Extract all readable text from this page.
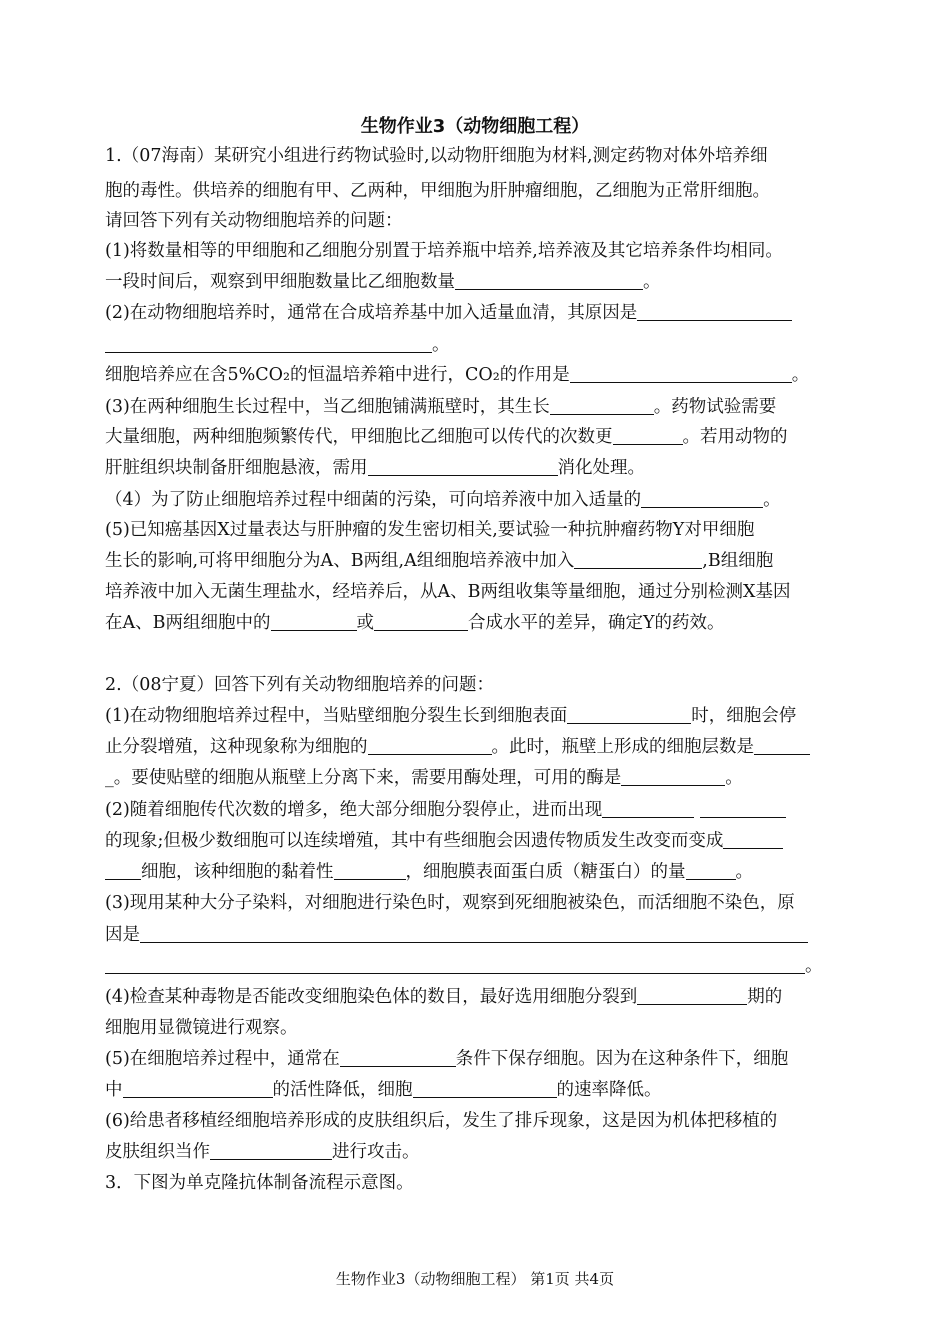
生物作业3（动物细胞工程）
1.（07海南）某研究小组进行药物试验时,以动物肝细胞为材料,测定药物对体外培养细
胞的毒性。供培养的细胞有甲、乙两种，甲细胞为肝肿瘤细胞，乙细胞为正常肝细胞。
请回答下列有关动物细胞培养的问题：
(1)将数量相等的甲细胞和乙细胞分别置于培养瓶中培养,培养液及其它培养条件均相同。
一段时间后，观察到甲细胞数量比乙细胞数量	。
(2)在动物细胞培养时，通常在合成培养基中加入适量血清，其原因是
。
细胞培养应在含5%CO₂的恒温培养箱中进行，CO₂的作用是	。
(3)在两种细胞生长过程中，当乙细胞铺满瓶壁时，其生长	。药物试验需要
大量细胞，两种细胞频繁传代，甲细胞比乙细胞可以传代的次数更	。若用动物的
肝脏组织块制备肝细胞悬液，需用	消化处理。
（4）为了防止细胞培养过程中细菌的污染，可向培养液中加入适量的	。
(5)已知癌基因X过量表达与肝肿瘤的发生密切相关,要试验一种抗肿瘤药物Y对甲细胞
生长的影响,可将甲细胞分为A、B两组,A组细胞培养液中加入	,B组细胞
培养液中加入无菌生理盐水，经培养后，从A、B两组收集等量细胞，通过分别检测X基因
在A、B两组细胞中的	或	合成水平的差异，确定Y的药效。
2.（08宁夏）回答下列有关动物细胞培养的问题：
(1)在动物细胞培养过程中，当贴壁细胞分裂生长到细胞表面	时，细胞会停
止分裂增殖，这种现象称为细胞的	。此时，瓶壁上形成的细胞层数是
_。要使贴壁的细胞从瓶壁上分离下来，需要用酶处理，可用的酶是	。
(2)随着细胞传代次数的增多，绝大部分细胞分裂停止，进而出现
的现象;但极少数细胞可以连续增殖，其中有些细胞会因遗传物质发生改变而变成
细胞，该种细胞的黏着性	，细胞膜表面蛋白质（糖蛋白）的量	。
(3)现用某种大分子染料，对细胞进行染色时，观察到死细胞被染色，而活细胞不染色，原
因是
。
(4)检查某种毒物是否能改变细胞染色体的数目，最好选用细胞分裂到	期的
细胞用显微镜进行观察。
(5)在细胞培养过程中，通常在	条件下保存细胞。因为在这种条件下，细胞
中	的活性降低，细胞	的速率降低。
(6)给患者移植经细胞培养形成的皮肤组织后，发生了排斥现象，这是因为机体把移植的
皮肤组织当作	进行攻击。
3．下图为单克隆抗体制备流程示意图。
生物作业3（动物细胞工程） 第1页 共4页
